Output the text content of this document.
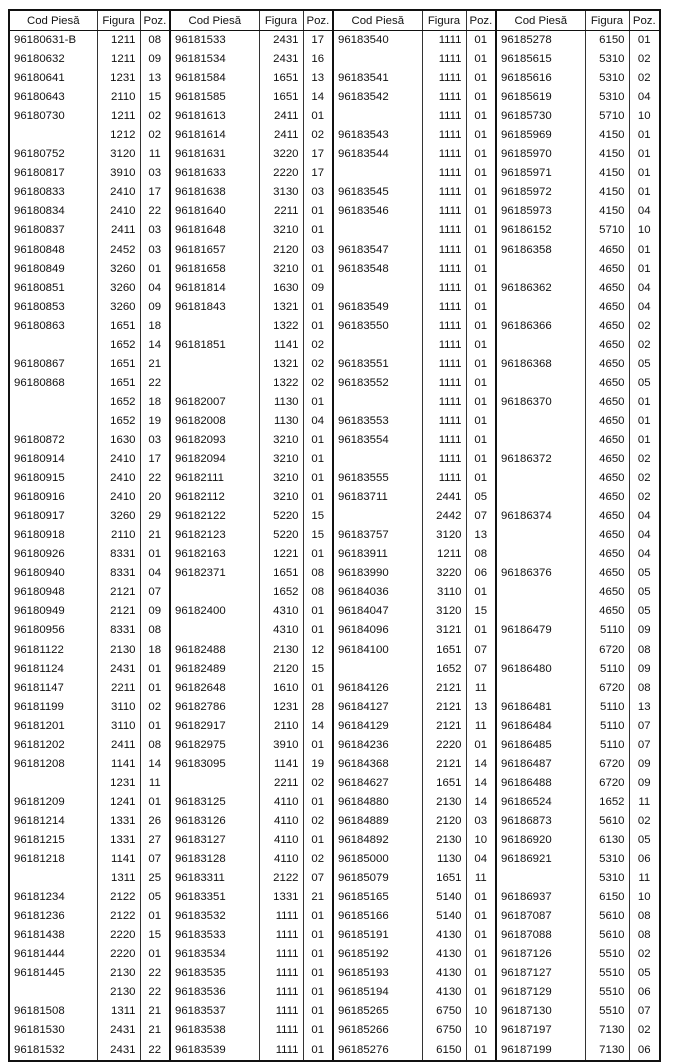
Cod Piesă	Figura	Poz.	Cod Piesă	Figura	Poz.	Cod Piesă	Figura	Poz.	Cod Piesă	Figura	Poz.
96180631-B	1211	08	96181533	2431	17	96183540	1111	01	96185278	6150	01
96180632	1211	09	96181534	2431	16		1111	01	96185615	5310	02
96180641	1231	13	96181584	1651	13	96183541	1111	01	96185616	5310	02
96180643	2110	15	96181585	1651	14	96183542	1111	01	96185619	5310	04
96180730	1211	02	96181613	2411	01		1111	01	96185730	5710	10
	1212	02	96181614	2411	02	96183543	1111	01	96185969	4150	01
96180752	3120	11	96181631	3220	17	96183544	1111	01	96185970	4150	01
96180817	3910	03	96181633	2220	17		1111	01	96185971	4150	01
96180833	2410	17	96181638	3130	03	96183545	1111	01	96185972	4150	01
96180834	2410	22	96181640	2211	01	96183546	1111	01	96185973	4150	04
96180837	2411	03	96181648	3210	01		1111	01	96186152	5710	10
96180848	2452	03	96181657	2120	03	96183547	1111	01	96186358	4650	01
96180849	3260	01	96181658	3210	01	96183548	1111	01		4650	01
96180851	3260	04	96181814	1630	09		1111	01	96186362	4650	04
96180853	3260	09	96181843	1321	01	96183549	1111	01		4650	04
96180863	1651	18		1322	01	96183550	1111	01	96186366	4650	02
	1652	14	96181851	1141	02		1111	01		4650	02
96180867	1651	21		1321	02	96183551	1111	01	96186368	4650	05
96180868	1651	22		1322	02	96183552	1111	01		4650	05
	1652	18	96182007	1130	01		1111	01	96186370	4650	01
	1652	19	96182008	1130	04	96183553	1111	01		4650	01
96180872	1630	03	96182093	3210	01	96183554	1111	01		4650	01
96180914	2410	17	96182094	3210	01		1111	01	96186372	4650	02
96180915	2410	22	96182111	3210	01	96183555	1111	01		4650	02
96180916	2410	20	96182112	3210	01	96183711	2441	05		4650	02
96180917	3260	29	96182122	5220	15		2442	07	96186374	4650	04
96180918	2110	21	96182123	5220	15	96183757	3120	13		4650	04
96180926	8331	01	96182163	1221	01	96183911	1211	08		4650	04
96180940	8331	04	96182371	1651	08	96183990	3220	06	96186376	4650	05
96180948	2121	07		1652	08	96184036	3110	01		4650	05
96180949	2121	09	96182400	4310	01	96184047	3120	15		4650	05
96180956	8331	08		4310	01	96184096	3121	01	96186479	5110	09
96181122	2130	18	96182488	2130	12	96184100	1651	07		6720	08
96181124	2431	01	96182489	2120	15		1652	07	96186480	5110	09
96181147	2211	01	96182648	1610	01	96184126	2121	11		6720	08
96181199	3110	02	96182786	1231	28	96184127	2121	13	96186481	5110	13
96181201	3110	01	96182917	2110	14	96184129	2121	11	96186484	5110	07
96181202	2411	08	96182975	3910	01	96184236	2220	01	96186485	5110	07
96181208	1141	14	96183095	1141	19	96184368	2121	14	96186487	6720	09
	1231	11		2211	02	96184627	1651	14	96186488	6720	09
96181209	1241	01	96183125	4110	01	96184880	2130	14	96186524	1652	11
96181214	1331	26	96183126	4110	02	96184889	2120	03	96186873	5610	02
96181215	1331	27	96183127	4110	01	96184892	2130	10	96186920	6130	05
96181218	1141	07	96183128	4110	02	96185000	1130	04	96186921	5310	06
	1311	25	96183311	2122	07	96185079	1651	11		5310	11
96181234	2122	05	96183351	1331	21	96185165	5140	01	96186937	6150	10
96181236	2122	01	96183532	1111	01	96185166	5140	01	96187087	5610	08
96181438	2220	15	96183533	1111	01	96185191	4130	01	96187088	5610	08
96181444	2220	01	96183534	1111	01	96185192	4130	01	96187126	5510	02
96181445	2130	22	96183535	1111	01	96185193	4130	01	96187127	5510	05
	2130	22	96183536	1111	01	96185194	4130	01	96187129	5510	06
96181508	1311	21	96183537	1111	01	96185265	6750	10	96187130	5510	07
96181530	2431	21	96183538	1111	01	96185266	6750	10	96187197	7130	02
96181532	2431	22	96183539	1111	01	96185276	6150	01	96187199	7130	06
